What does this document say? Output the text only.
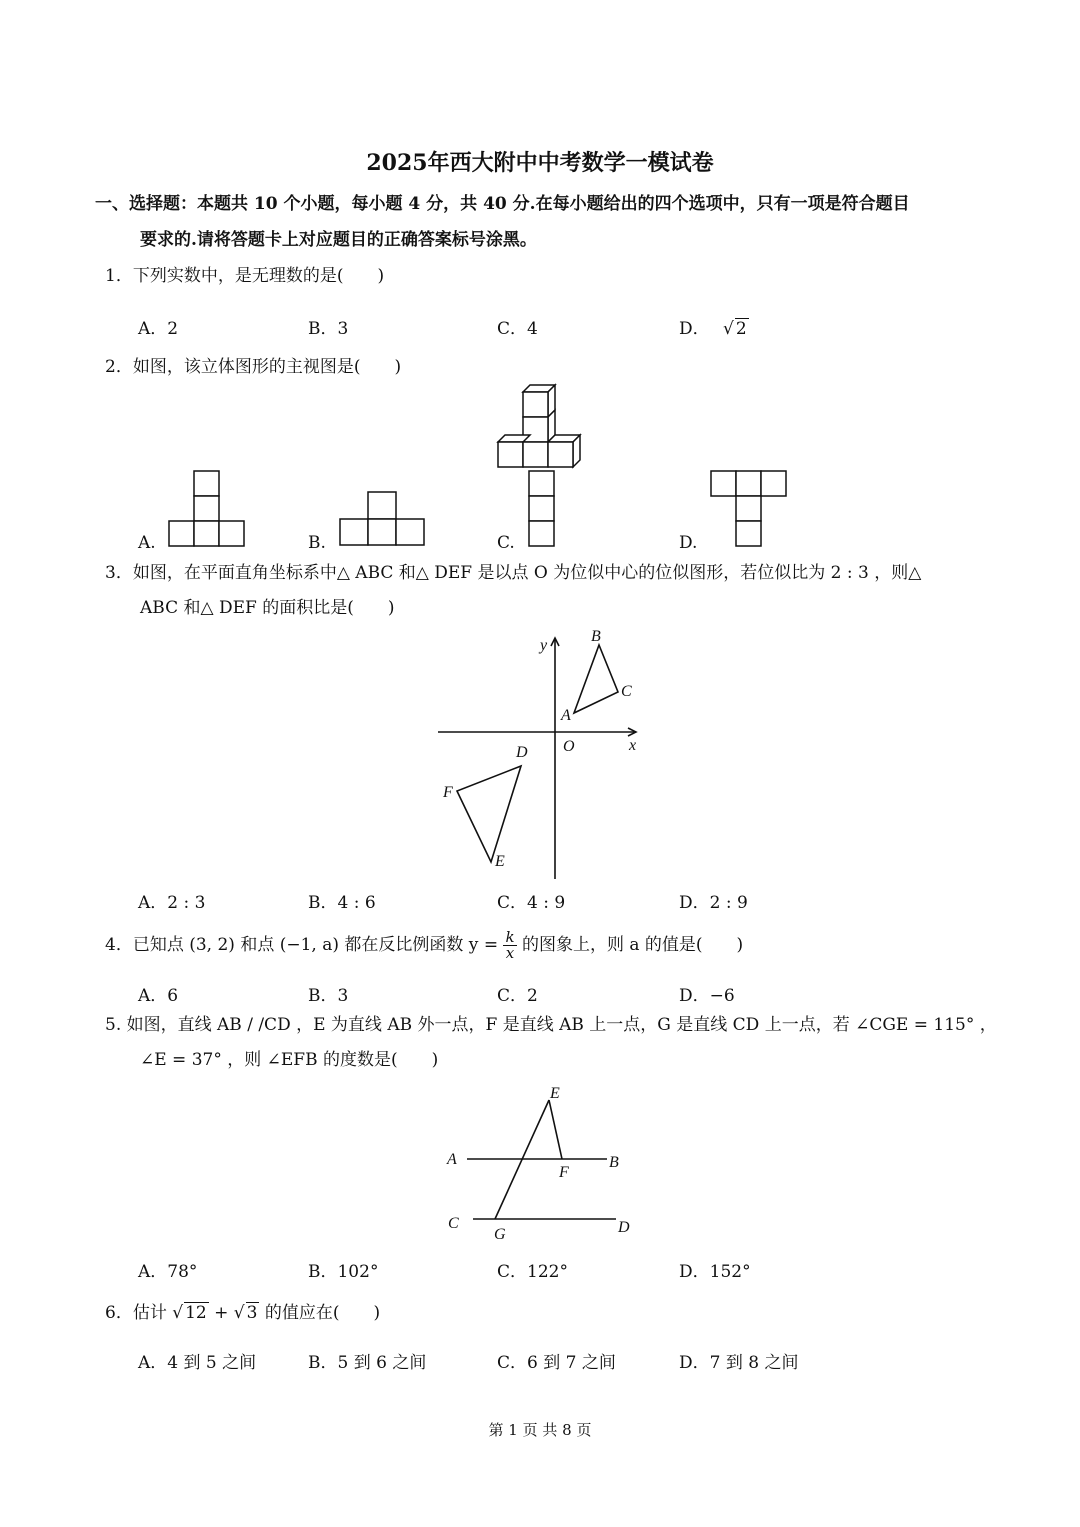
2025年西大附中中考数学一模试卷
一、选择题：本题共 10 个小题，每小题 4 分，共 40 分.在每小题给出的四个选项中，只有一项是符合题目
要求的.请将答题卡上对应题目的正确答案标号涂黑。
1．下列实数中，是无理数的是(　　)
A．2	B．3	C．4	D． √ 2
2．如图，该立体图形的主视图是(　　)
A.	B.	C.	D.
3．如图，在平面直角坐标系中△ ABC 和△ DEF 是以点 O 为位似中心的位似图形，若位似比为 2 : 3 ，则△
ABC 和△ DEF 的面积比是(　　)
y
x
O
A
B
C
D
E
F
A．2 : 3	B．4 : 6	C．4 : 9	D．2 : 9
4．已知点 (3, 2) 和点 (−1, a) 都在反比例函数 $y = \frac{k}{x}$ 的图象上，则 a 的值是(　　)
A．6	B．3	C．2	D．−6
5. 如图，直线 AB / /CD ，E 为直线 AB 外一点，F 是直线 AB 上一点，G 是直线 CD 上一点，若 ∠CGE = 115° ，
∠E = 37° ，则 ∠EFB 的度数是(　　)
A	B
C	D
E
F
G
A．78°	B．102°	C．122°	D．152°
6．估计 √ 12 + √ 3 的值应在(　　)
A．4 到 5 之间	B．5 到 6 之间	C．6 到 7 之间	D．7 到 8 之间
第 1 页 共 8 页
